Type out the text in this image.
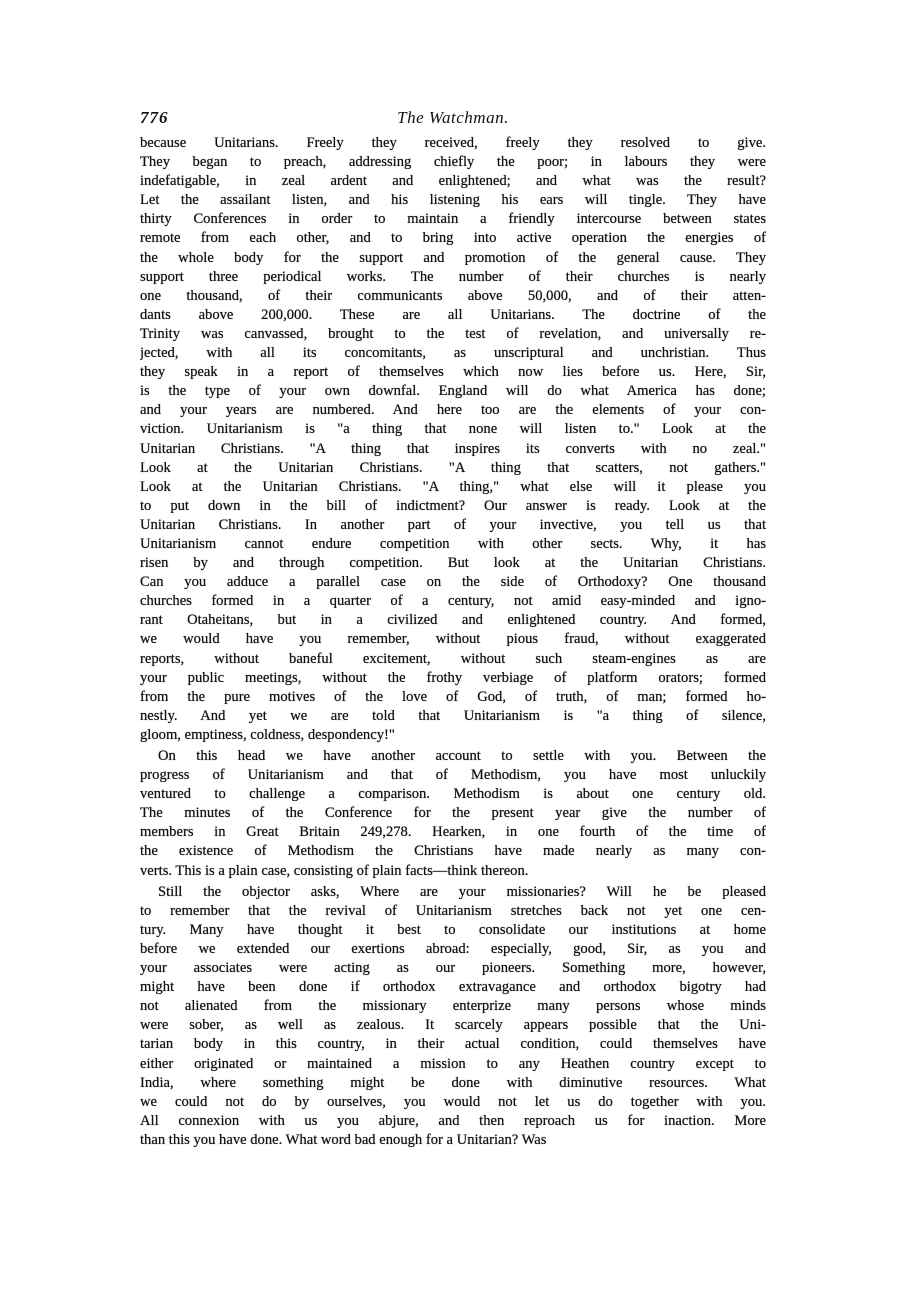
776	The Watchman.

because Unitarians. Freely they received, freely they resolved to give.
They began to preach, addressing chiefly the poor; in labours they were
indefatigable, in zeal ardent and enlightened; and what was the result?
Let the assailant listen, and his listening his ears will tingle. They have
thirty Conferences in order to maintain a friendly intercourse between states
remote from each other, and to bring into active operation the energies of
the whole body for the support and promotion of the general cause. They
support three periodical works. The number of their churches is nearly
one thousand, of their communicants above 50,000, and of their atten-
dants above 200,000. These are all Unitarians. The doctrine of the
Trinity was canvassed, brought to the test of revelation, and universally re-
jected, with all its concomitants, as unscriptural and unchristian. Thus
they speak in a report of themselves which now lies before us. Here, Sir,
is the type of your own downfal. England will do what America has done;
and your years are numbered. And here too are the elements of your con-
viction. Unitarianism is "a thing that none will listen to." Look at the
Unitarian Christians. "A thing that inspires its converts with no zeal."
Look at the Unitarian Christians. "A thing that scatters, not gathers."
Look at the Unitarian Christians. "A thing," what else will it please you
to put down in the bill of indictment? Our answer is ready. Look at the
Unitarian Christians. In another part of your invective, you tell us that
Unitarianism cannot endure competition with other sects. Why, it has
risen by and through competition. But look at the Unitarian Christians.
Can you adduce a parallel case on the side of Orthodoxy? One thousand
churches formed in a quarter of a century, not amid easy-minded and igno-
rant Otaheitans, but in a civilized and enlightened country. And formed,
we would have you remember, without pious fraud, without exaggerated
reports, without baneful excitement, without such steam-engines as are
your public meetings, without the frothy verbiage of platform orators; formed
from the pure motives of the love of God, of truth, of man; formed ho-
nestly. And yet we are told that Unitarianism is "a thing of silence,
gloom, emptiness, coldness, despondency!"

On this head we have another account to settle with you. Between the
progress of Unitarianism and that of Methodism, you have most unluckily
ventured to challenge a comparison. Methodism is about one century old.
The minutes of the Conference for the present year give the number of
members in Great Britain 249,278. Hearken, in one fourth of the time of
the existence of Methodism the Christians have made nearly as many con-
verts. This is a plain case, consisting of plain facts—think thereon.

Still the objector asks, Where are your missionaries? Will he be pleased
to remember that the revival of Unitarianism stretches back not yet one cen-
tury. Many have thought it best to consolidate our institutions at home
before we extended our exertions abroad: especially, good, Sir, as you and
your associates were acting as our pioneers. Something more, however,
might have been done if orthodox extravagance and orthodox bigotry had
not alienated from the missionary enterprize many persons whose minds
were sober, as well as zealous. It scarcely appears possible that the Uni-
tarian body in this country, in their actual condition, could themselves have
either originated or maintained a mission to any Heathen country except to
India, where something might be done with diminutive resources. What
we could not do by ourselves, you would not let us do together with you.
All connexion with us you abjure, and then reproach us for inaction. More
than this you have done. What word bad enough for a Unitarian? Was
